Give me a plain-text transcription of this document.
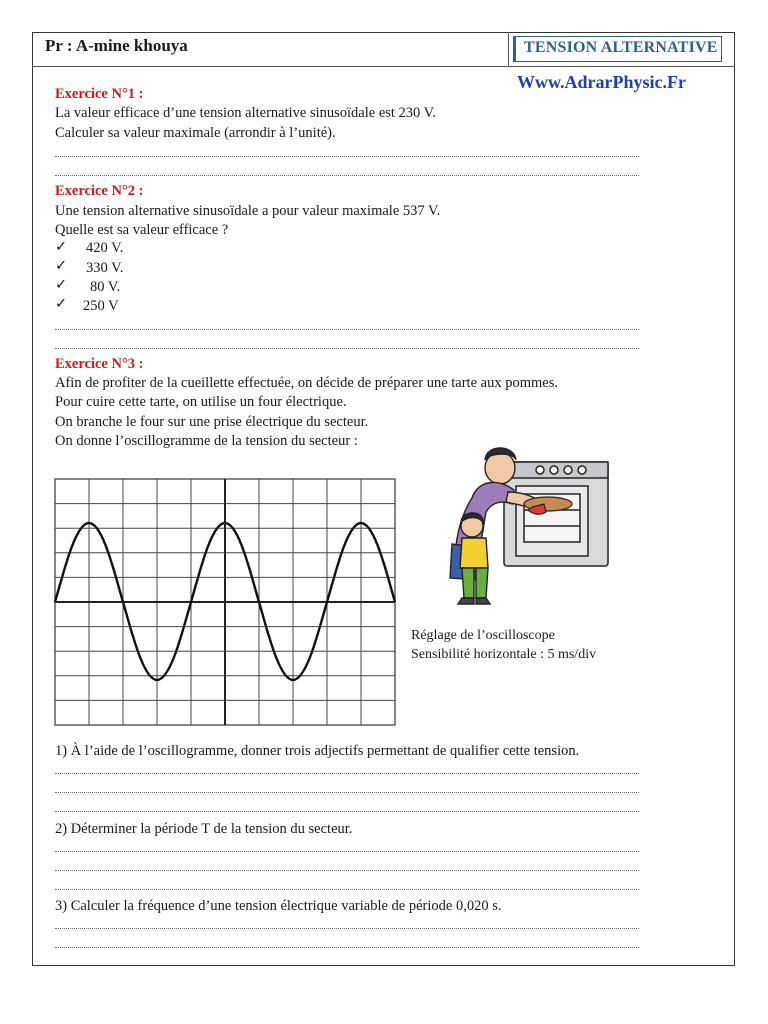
Pr : A-mine khouya	TENSION ALTERNATIVE
Www.AdrarPhysic.Fr
Exercice N°1 :
La valeur efficace d’une tension alternative sinusoïdale est 230 V.
Calculer sa valeur maximale (arrondir à l’unité).
Exercice N°2 :
Une tension alternative sinusoïdale a pour valeur maximale 537 V.
Quelle est sa valeur efficace ?
✓ 420 V.
✓ 330 V.
✓ 80 V.
✓ 250 V
Exercice N°3 :
Afin de profiter de la cueillette effectuée, on décide de préparer une tarte aux pommes.
Pour cuire cette tarte, on utilise un four électrique.
On branche le four sur une prise électrique du secteur.
On donne l’oscillogramme de la tension du secteur :
Réglage de l’oscilloscope
Sensibilité horizontale : 5 ms/div
1) À l’aide de l’oscillogramme, donner trois adjectifs permettant de qualifier cette tension.
2) Déterminer la période T de la tension du secteur.
3) Calculer la fréquence d’une tension électrique variable de période 0,020 s.
